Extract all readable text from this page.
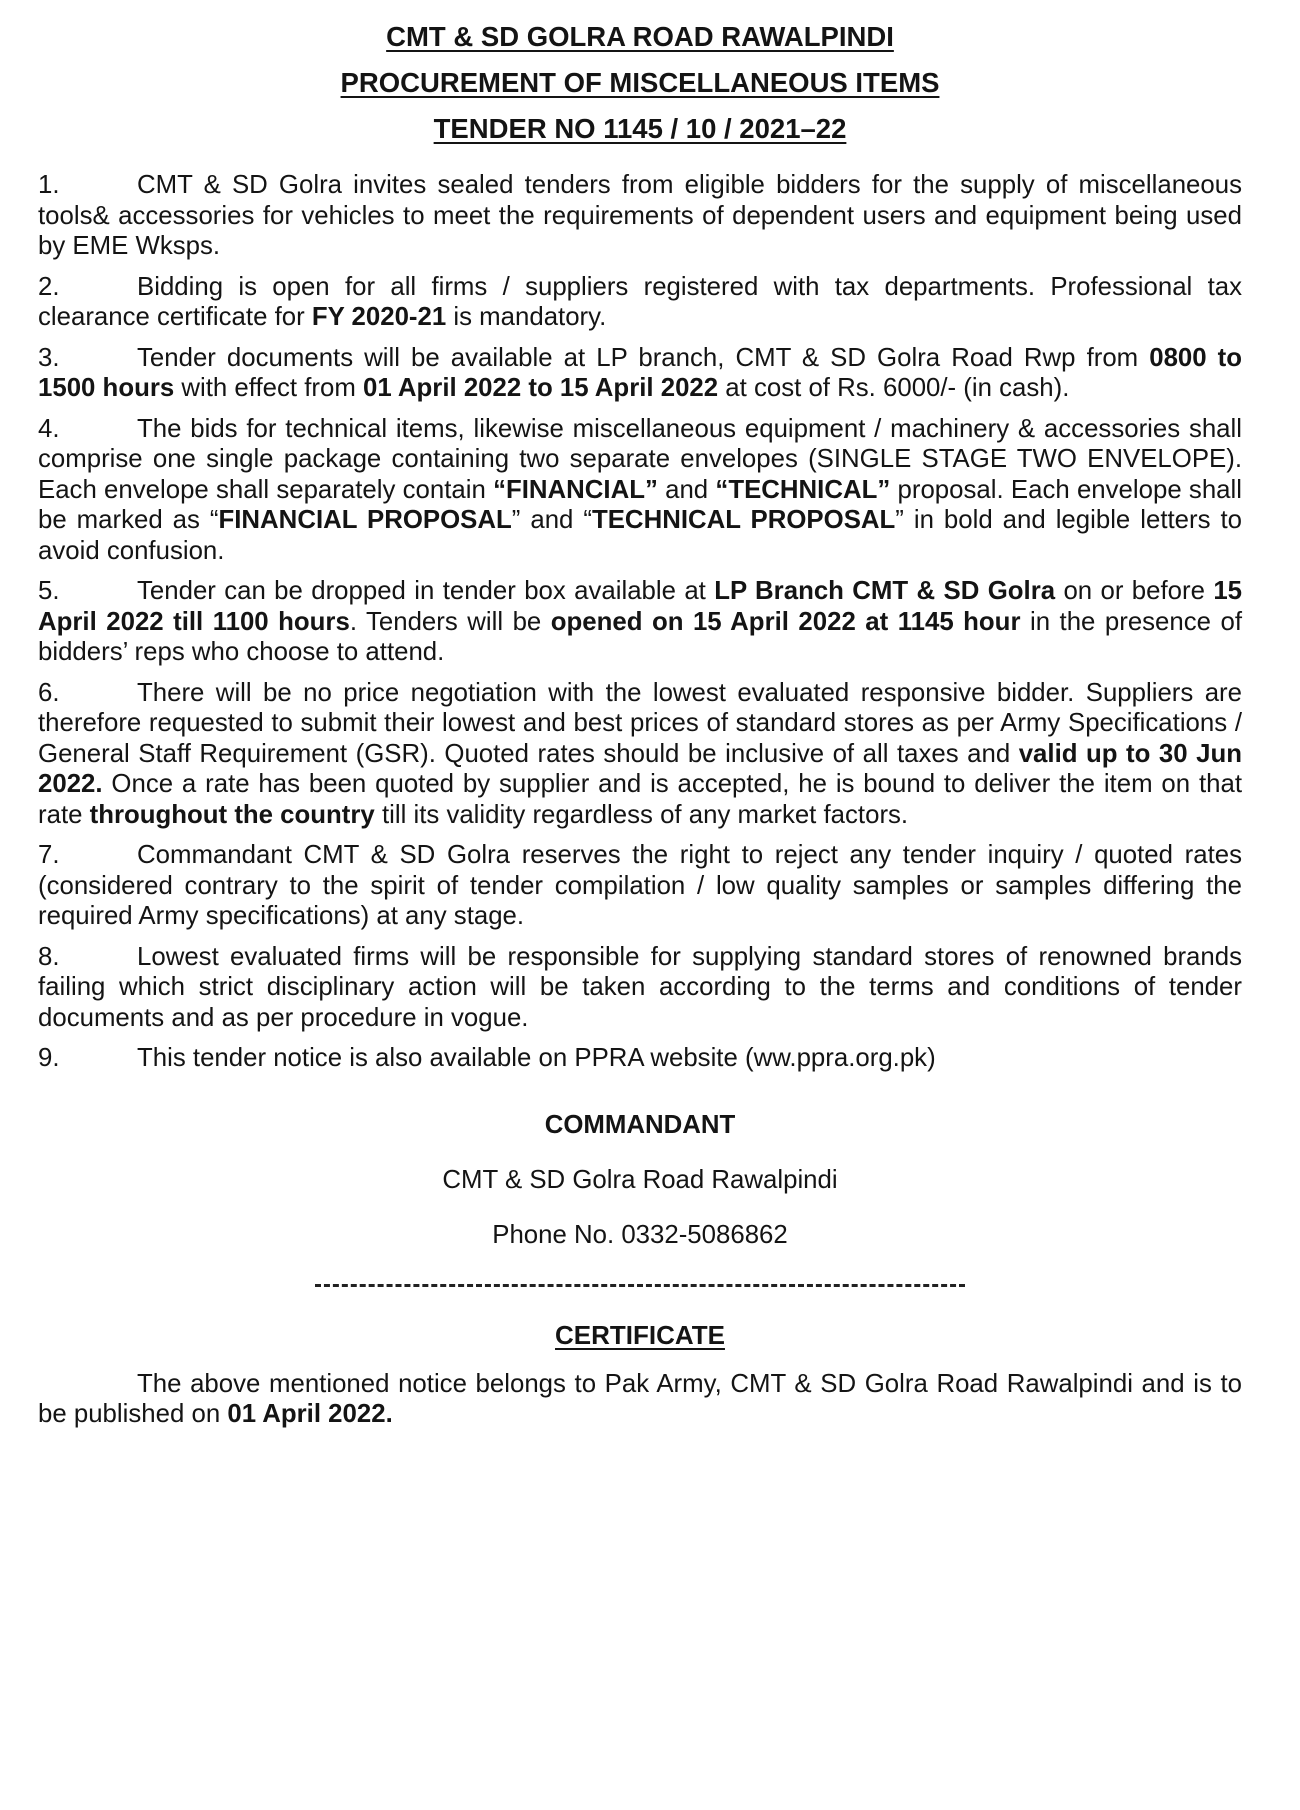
CMT & SD GOLRA ROAD RAWALPINDI
PROCUREMENT OF MISCELLANEOUS ITEMS
TENDER NO 1145 / 10 / 2021–22
1.	CMT & SD Golra invites sealed tenders from eligible bidders for the supply of miscellaneous tools& accessories for vehicles to meet the requirements of dependent users and equipment being used by EME Wksps.
2.	Bidding is open for all firms / suppliers registered with tax departments. Professional tax clearance certificate for FY 2020-21 is mandatory.
3.	Tender documents will be available at LP branch, CMT & SD Golra Road Rwp from 0800 to 1500 hours with effect from 01 April 2022 to 15 April 2022 at cost of Rs. 6000/- (in cash).
4.	The bids for technical items, likewise miscellaneous equipment / machinery & accessories shall comprise one single package containing two separate envelopes (SINGLE STAGE TWO ENVELOPE). Each envelope shall separately contain “FINANCIAL” and “TECHNICAL” proposal. Each envelope shall be marked as “FINANCIAL PROPOSAL” and “TECHNICAL PROPOSAL” in bold and legible letters to avoid confusion.
5.	Tender can be dropped in tender box available at LP Branch CMT & SD Golra on or before 15 April 2022 till 1100 hours. Tenders will be opened on 15 April 2022 at 1145 hour in the presence of bidders’ reps who choose to attend.
6.	There will be no price negotiation with the lowest evaluated responsive bidder. Suppliers are therefore requested to submit their lowest and best prices of standard stores as per Army Specifications / General Staff Requirement (GSR). Quoted rates should be inclusive of all taxes and valid up to 30 Jun 2022. Once a rate has been quoted by supplier and is accepted, he is bound to deliver the item on that rate throughout the country till its validity regardless of any market factors.
7.	Commandant CMT & SD Golra reserves the right to reject any tender inquiry / quoted rates (considered contrary to the spirit of tender compilation / low quality samples or samples differing the required Army specifications) at any stage.
8.	Lowest evaluated firms will be responsible for supplying standard stores of renowned brands failing which strict disciplinary action will be taken according to the terms and conditions of tender documents and as per procedure in vogue.
9.	This tender notice is also available on PPRA website (ww.ppra.org.pk)
COMMANDANT
CMT & SD Golra Road Rawalpindi
Phone No. 0332-5086862
CERTIFICATE
The above mentioned notice belongs to Pak Army, CMT & SD Golra Road Rawalpindi and is to be published on 01 April 2022.
